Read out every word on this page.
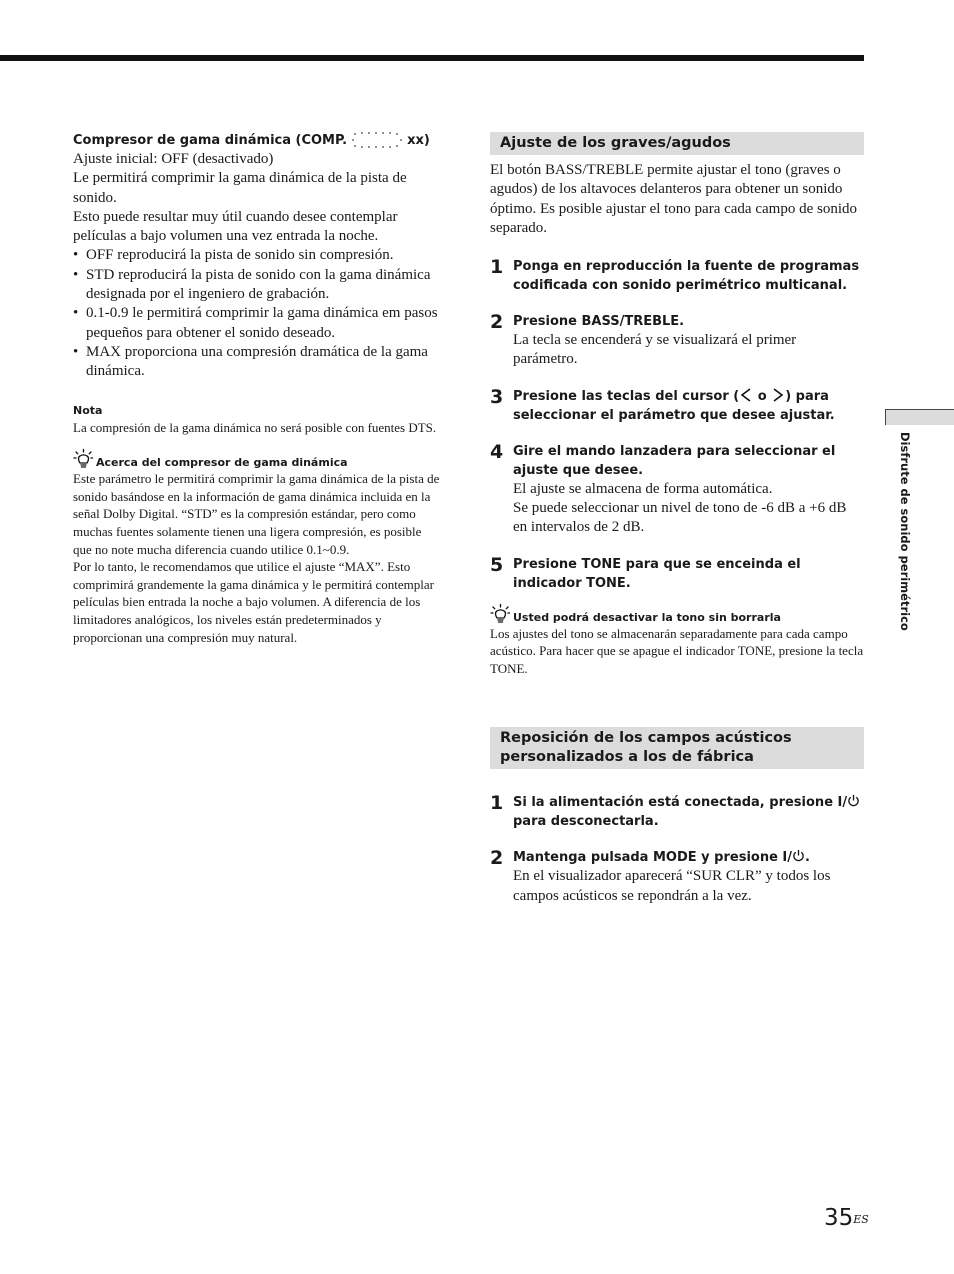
Compresor de gama dinámica (COMP.	xx)

Ajuste inicial: OFF (desactivado)

Le permitirá comprimir la gama dinámica de la pista de sonido.

Esto puede resultar muy útil cuando desee contemplar películas a bajo volumen una vez entrada la noche.

• OFF reproducirá la pista de sonido sin compresión.
• STD reproducirá la pista de sonido con la gama dinámica designada por el ingeniero de grabación.
• 0.1-0.9 le permitirá comprimir la gama dinámica em pasos pequeños para obtener el sonido deseado.
• MAX proporciona una compresión dramática de la gama dinámica.
Nota

La compresión de la gama dinámica no será posible con fuentes DTS.

Acerca del compresor de gama dinámica

Este parámetro le permitirá comprimir la gama dinámica de la pista de sonido basándose en la información de gama dinámica incluida en la señal Dolby Digital. “STD” es la compresión estándar, pero como muchas fuentes solamente tienen una ligera compresión, es posible que no note mucha diferencia cuando utilice 0.1~0.9.

Por lo tanto, le recomendamos que utilice el ajuste “MAX”. Esto comprimirá grandemente la gama dinámica y le permitirá contemplar películas bien entrada la noche a bajo volumen. A diferencia de los limitadores analógicos, los niveles están predeterminados y proporcionan una compresión muy natural.

Ajuste de los graves/agudos

El botón BASS/TREBLE permite ajustar el tono (graves o agudos) de los altavoces delanteros para obtener un sonido óptimo. Es posible ajustar el tono para cada campo de sonido separado.

1 Ponga en reproducción la fuente de programas codificada con sonido perimétrico multicanal.
2 Presione BASS/TREBLE.

La tecla se encenderá y se visualizará el primer parámetro.

3 Presione las teclas del cursor ( o ) para seleccionar el parámetro que desee ajustar.
4 Gire el mando lanzadera para seleccionar el ajuste que desee.

El ajuste se almacena de forma automática.

Se puede seleccionar un nivel de tono de -6 dB a +6 dB en intervalos de 2 dB.

5 Presione TONE para que se enceinda el indicador TONE.
Usted podrá desactivar la tono sin borrarla

Los ajustes del tono se almacenarán separadamente para cada campo acústico. Para hacer que se apague el indicador TONE, presione la tecla TONE.

Reposición de los campos acústicos
personalizados a los de fábrica
1 Si la alimentación está conectada, presione I/ para desconectarla.
2 Mantenga pulsada MODE y presione I/ .

En el visualizador aparecerá “SUR CLR” y todos los campos acústicos se repondrán a la vez.

Disfrute de sonido perimétrico
$35^{ES}$
